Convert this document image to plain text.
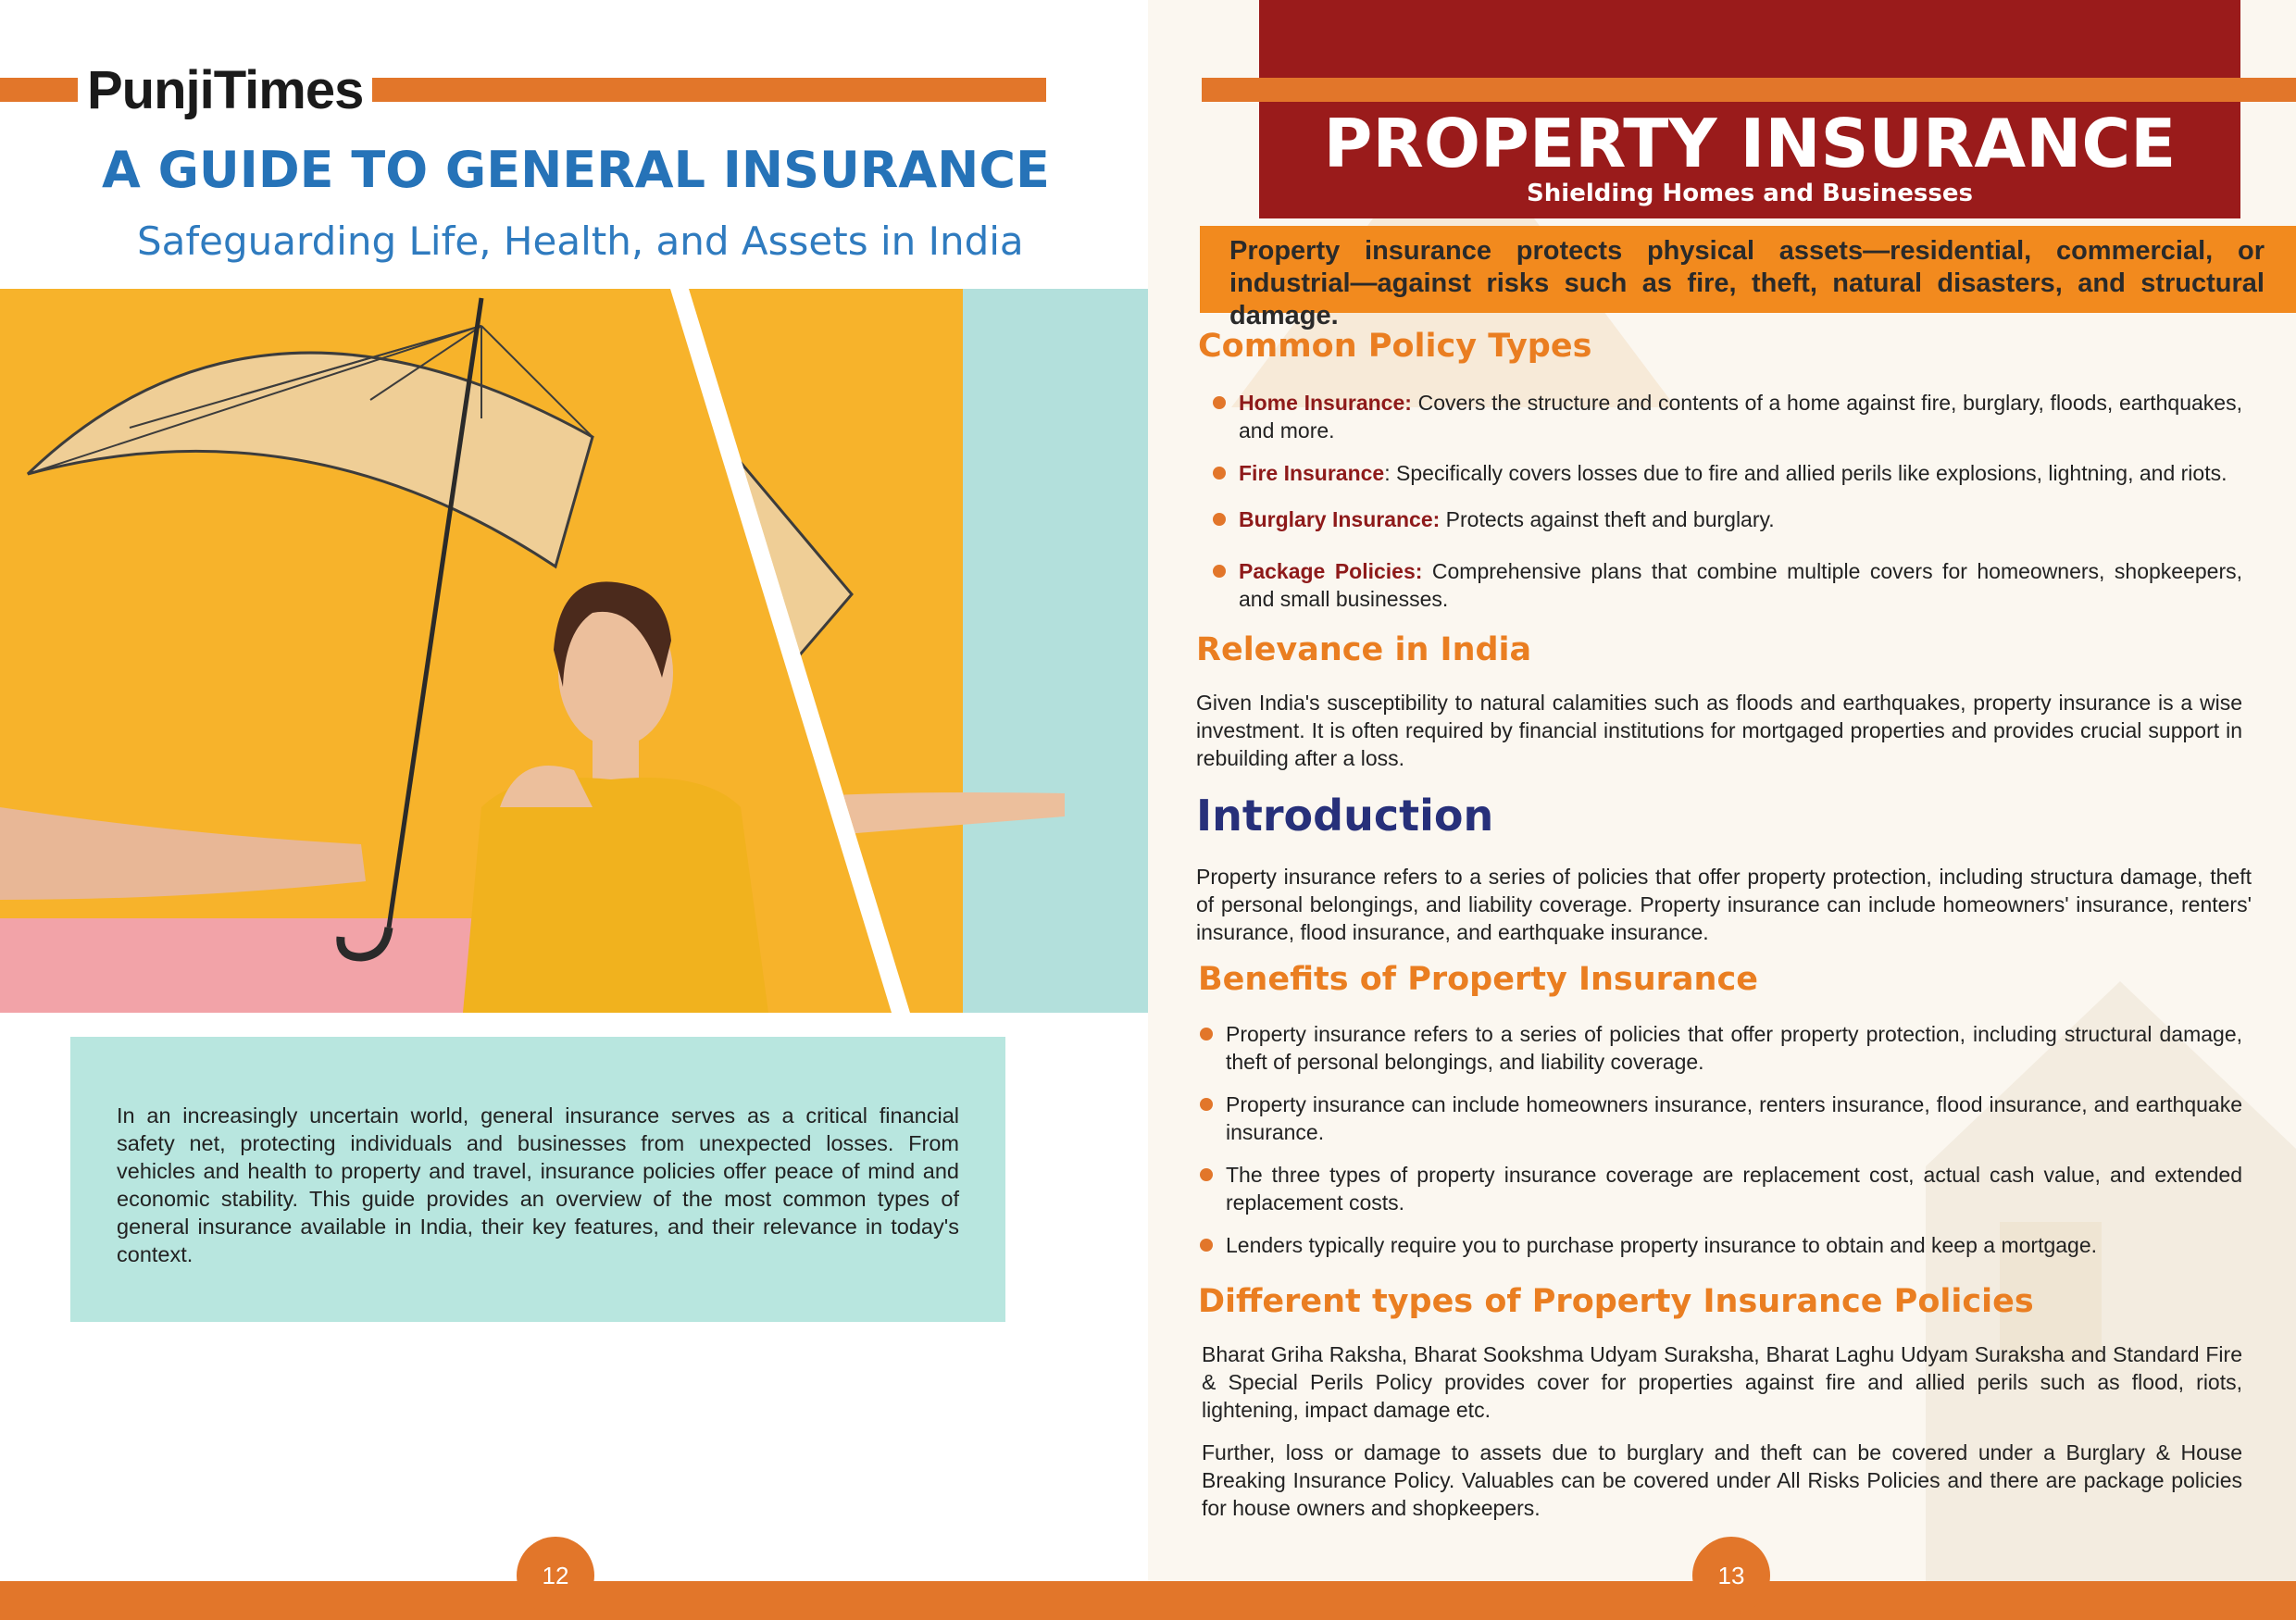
PunjiTimes
A GUIDE TO GENERAL INSURANCE
Safeguarding Life, Health, and Assets in India
In an increasingly uncertain world, general insurance serves as a critical financial safety net, protecting individuals and businesses from unexpected losses. From vehicles and health to property and travel, insurance policies offer peace of mind and economic stability. This guide provides an overview of the most common types of general insurance available in India, their key features, and their relevance in today's context.
12
PROPERTY INSURANCE
Shielding Homes and Businesses
Property insurance protects physical assets—residential, commercial, or industrial—against risks such as fire, theft, natural disasters, and structural damage.
Common Policy Types
Home Insurance: Covers the structure and contents of a home against fire, burglary, floods, earthquakes, and more.
Fire Insurance: Specifically covers losses due to fire and allied perils like explosions, lightning, and riots.
Burglary Insurance: Protects against theft and burglary.
Package Policies: Comprehensive plans that combine multiple covers for homeowners, shopkeepers, and small businesses.
Relevance in India
Given India's susceptibility to natural calamities such as floods and earthquakes, property insurance is a wise investment. It is often required by financial institutions for mortgaged properties and provides crucial support in rebuilding after a loss.
Introduction
Property insurance refers to a series of policies that offer property protection, including structura damage, theft of personal belongings, and liability coverage. Property insurance can include homeowners' insurance, renters' insurance, flood insurance, and earthquake insurance.
Benefits of Property Insurance
Property insurance refers to a series of policies that offer property protection, including structural damage, theft of personal belongings, and liability coverage.
Property insurance can include homeowners insurance, renters insurance, flood insurance, and earthquake insurance.
The three types of property insurance coverage are replacement cost, actual cash value, and extended replacement costs.
Lenders typically require you to purchase property insurance to obtain and keep a mortgage.
Different types of Property Insurance Policies
Bharat Griha Raksha, Bharat Sookshma Udyam Suraksha, Bharat Laghu Udyam Suraksha and Standard Fire & Special Perils Policy provides cover for properties against fire and allied perils such as flood, riots, lightening, impact damage etc.
Further, loss or damage to assets due to burglary and theft can be covered under a Burglary & House Breaking Insurance Policy. Valuables can be covered under All Risks Policies and there are package policies for house owners and shopkeepers.
13
